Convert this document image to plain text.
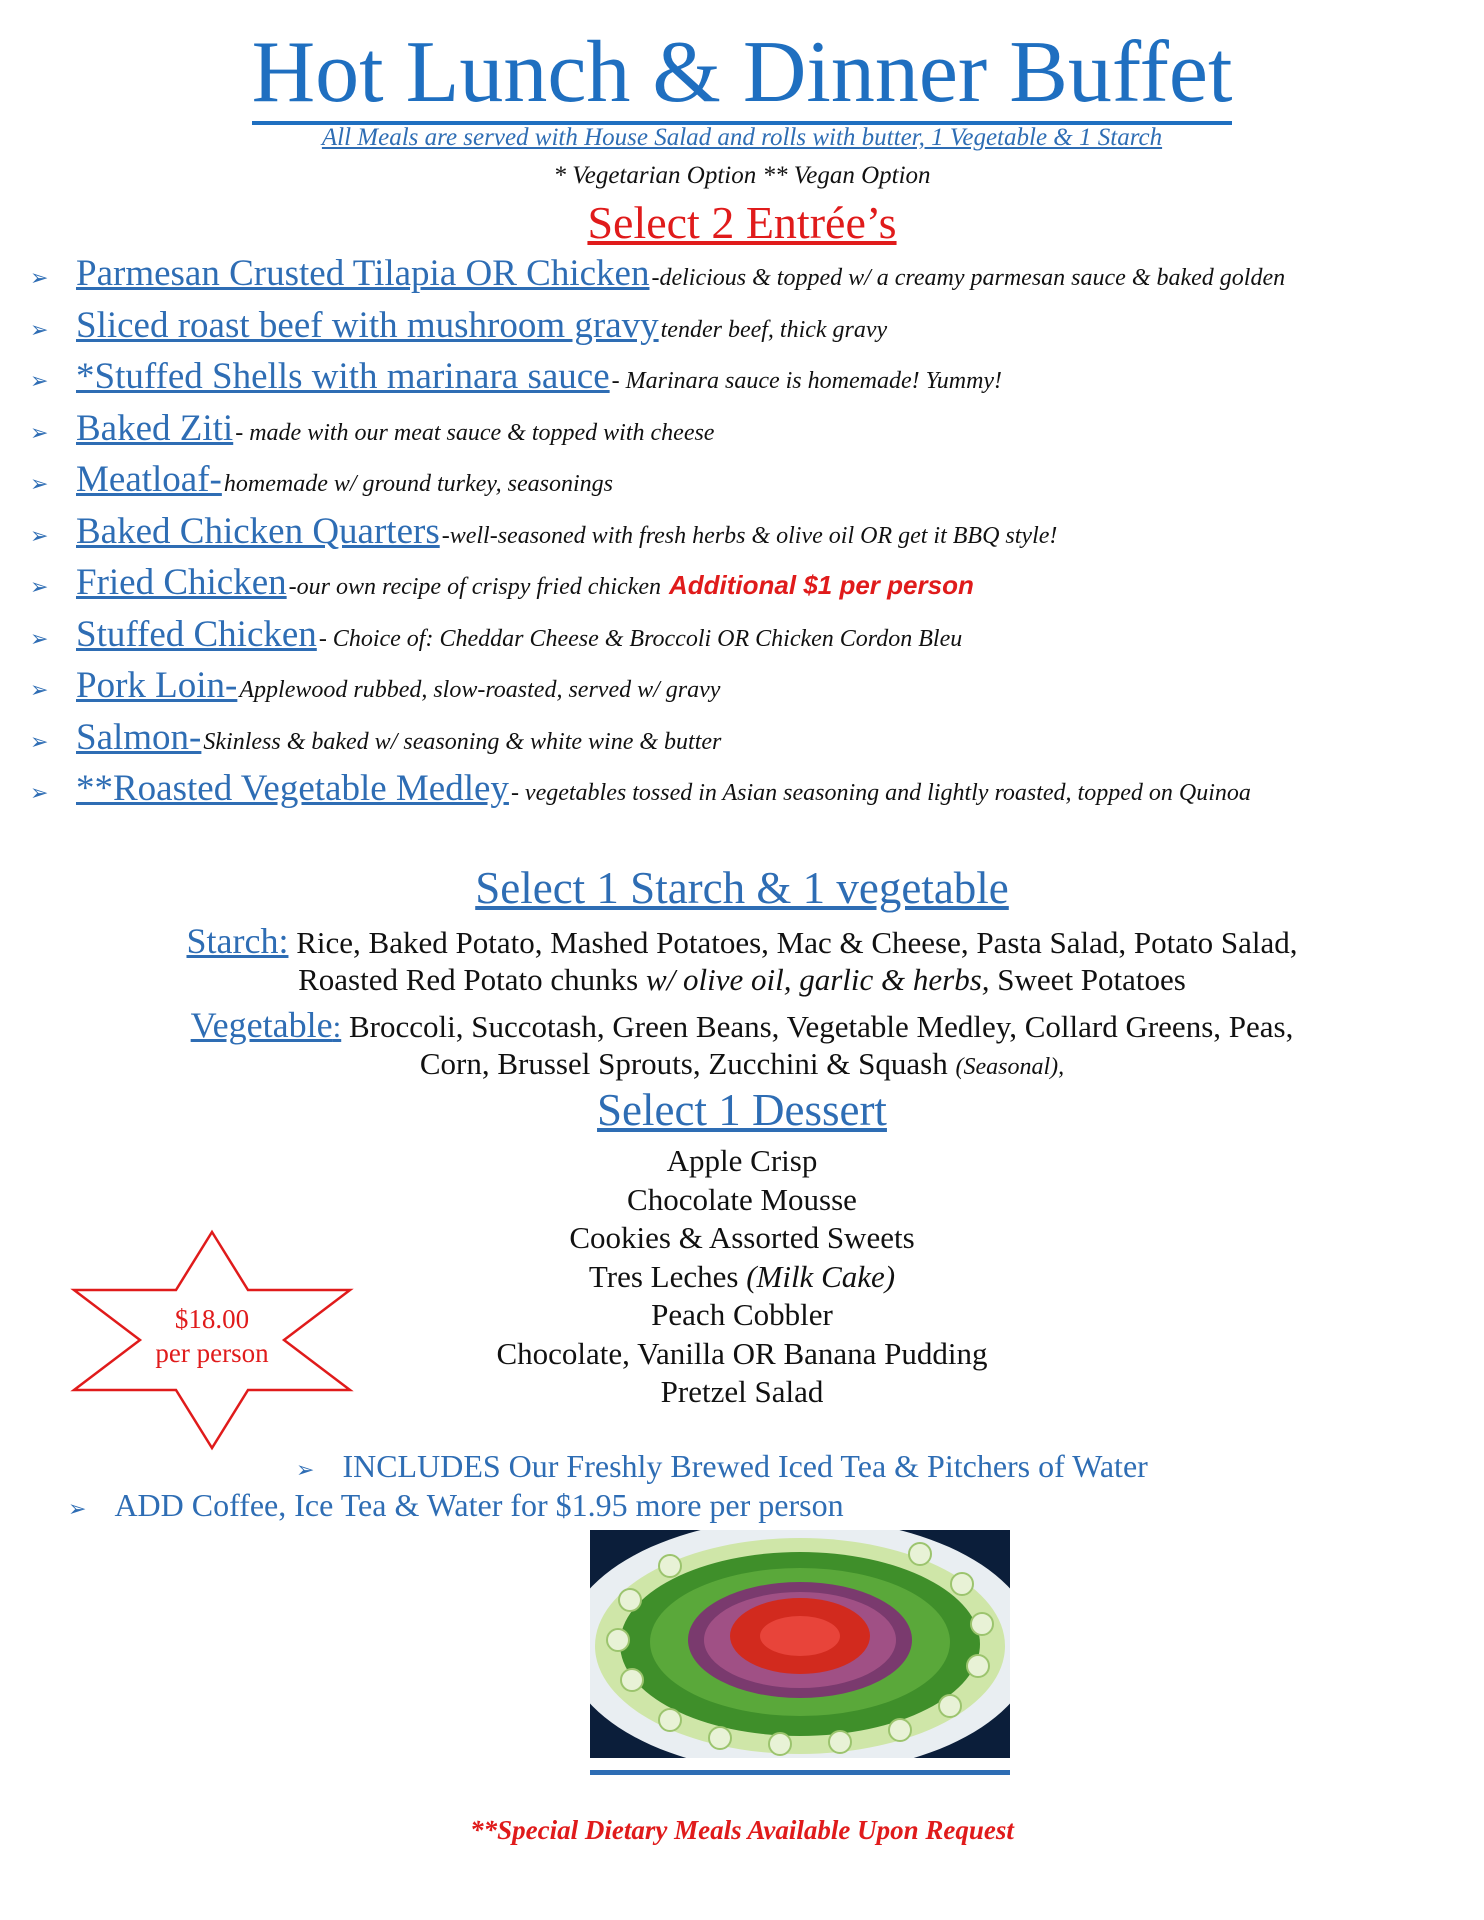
Hot Lunch & Dinner Buffet
All Meals are served with House Salad and rolls with butter, 1 Vegetable & 1 Starch
* Vegetarian Option ** Vegan Option
Select 2 Entrée’s
➢ Parmesan Crusted Tilapia OR Chicken -delicious & topped w/ a creamy parmesan sauce & baked golden
➢ Sliced roast beef with mushroom gravy tender beef, thick gravy
➢ *Stuffed Shells with marinara sauce - Marinara sauce is homemade! Yummy!
➢ Baked Ziti - made with our meat sauce & topped with cheese
➢ Meatloaf- homemade w/ ground turkey, seasonings
➢ Baked Chicken Quarters -well-seasoned with fresh herbs & olive oil OR get it BBQ style!
➢ Fried Chicken -our own recipe of crispy fried chicken Additional $1 per person
➢ Stuffed Chicken - Choice of: Cheddar Cheese & Broccoli OR Chicken Cordon Bleu
➢ Pork Loin- Applewood rubbed, slow-roasted, served w/ gravy
➢ Salmon- Skinless & baked w/ seasoning & white wine & butter
➢ **Roasted Vegetable Medley - vegetables tossed in Asian seasoning and lightly roasted, topped on Quinoa
Select 1 Starch & 1 vegetable
Starch: Rice, Baked Potato, Mashed Potatoes, Mac & Cheese, Pasta Salad, Potato Salad,
Roasted Red Potato chunks w/ olive oil, garlic & herbs, Sweet Potatoes
Vegetable: Broccoli, Succotash, Green Beans, Vegetable Medley, Collard Greens, Peas,
Corn, Brussel Sprouts, Zucchini & Squash (Seasonal),
Select 1 Dessert
Apple Crisp
Chocolate Mousse
Cookies & Assorted Sweets
Tres Leches (Milk Cake)
Peach Cobbler
Chocolate, Vanilla OR Banana Pudding
Pretzel Salad
$18.00
per person
➢ INCLUDES Our Freshly Brewed Iced Tea & Pitchers of Water
➢ ADD Coffee, Ice Tea & Water for $1.95 more per person
**Special Dietary Meals Available Upon Request
